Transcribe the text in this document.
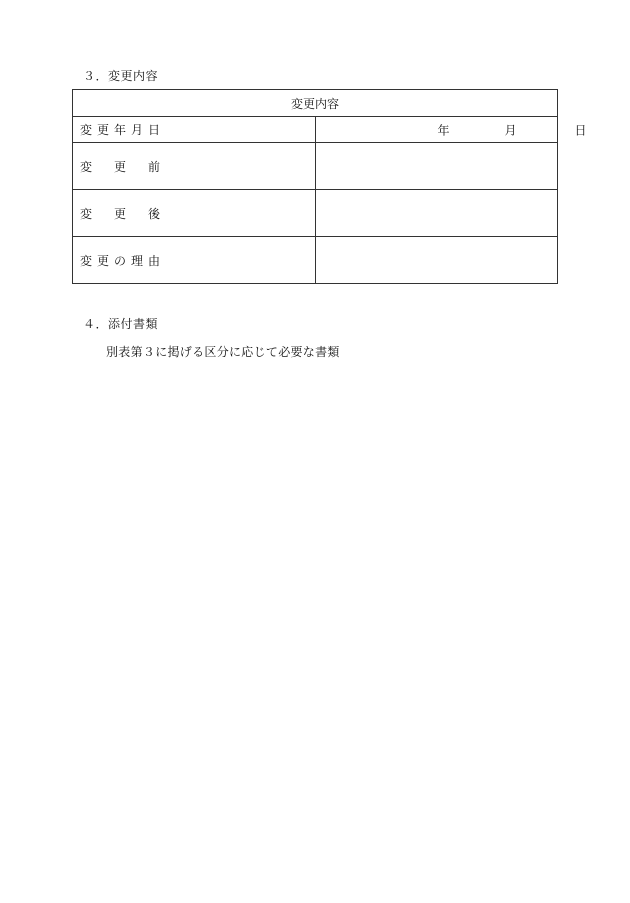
３．変更内容
変更内容	

変 更 年 月 日	年 月 日

変 更 前	

変 更 後	

変 更 の 理 由	

４．添付書類
別表第３に掲げる区分に応じて必要な書類
